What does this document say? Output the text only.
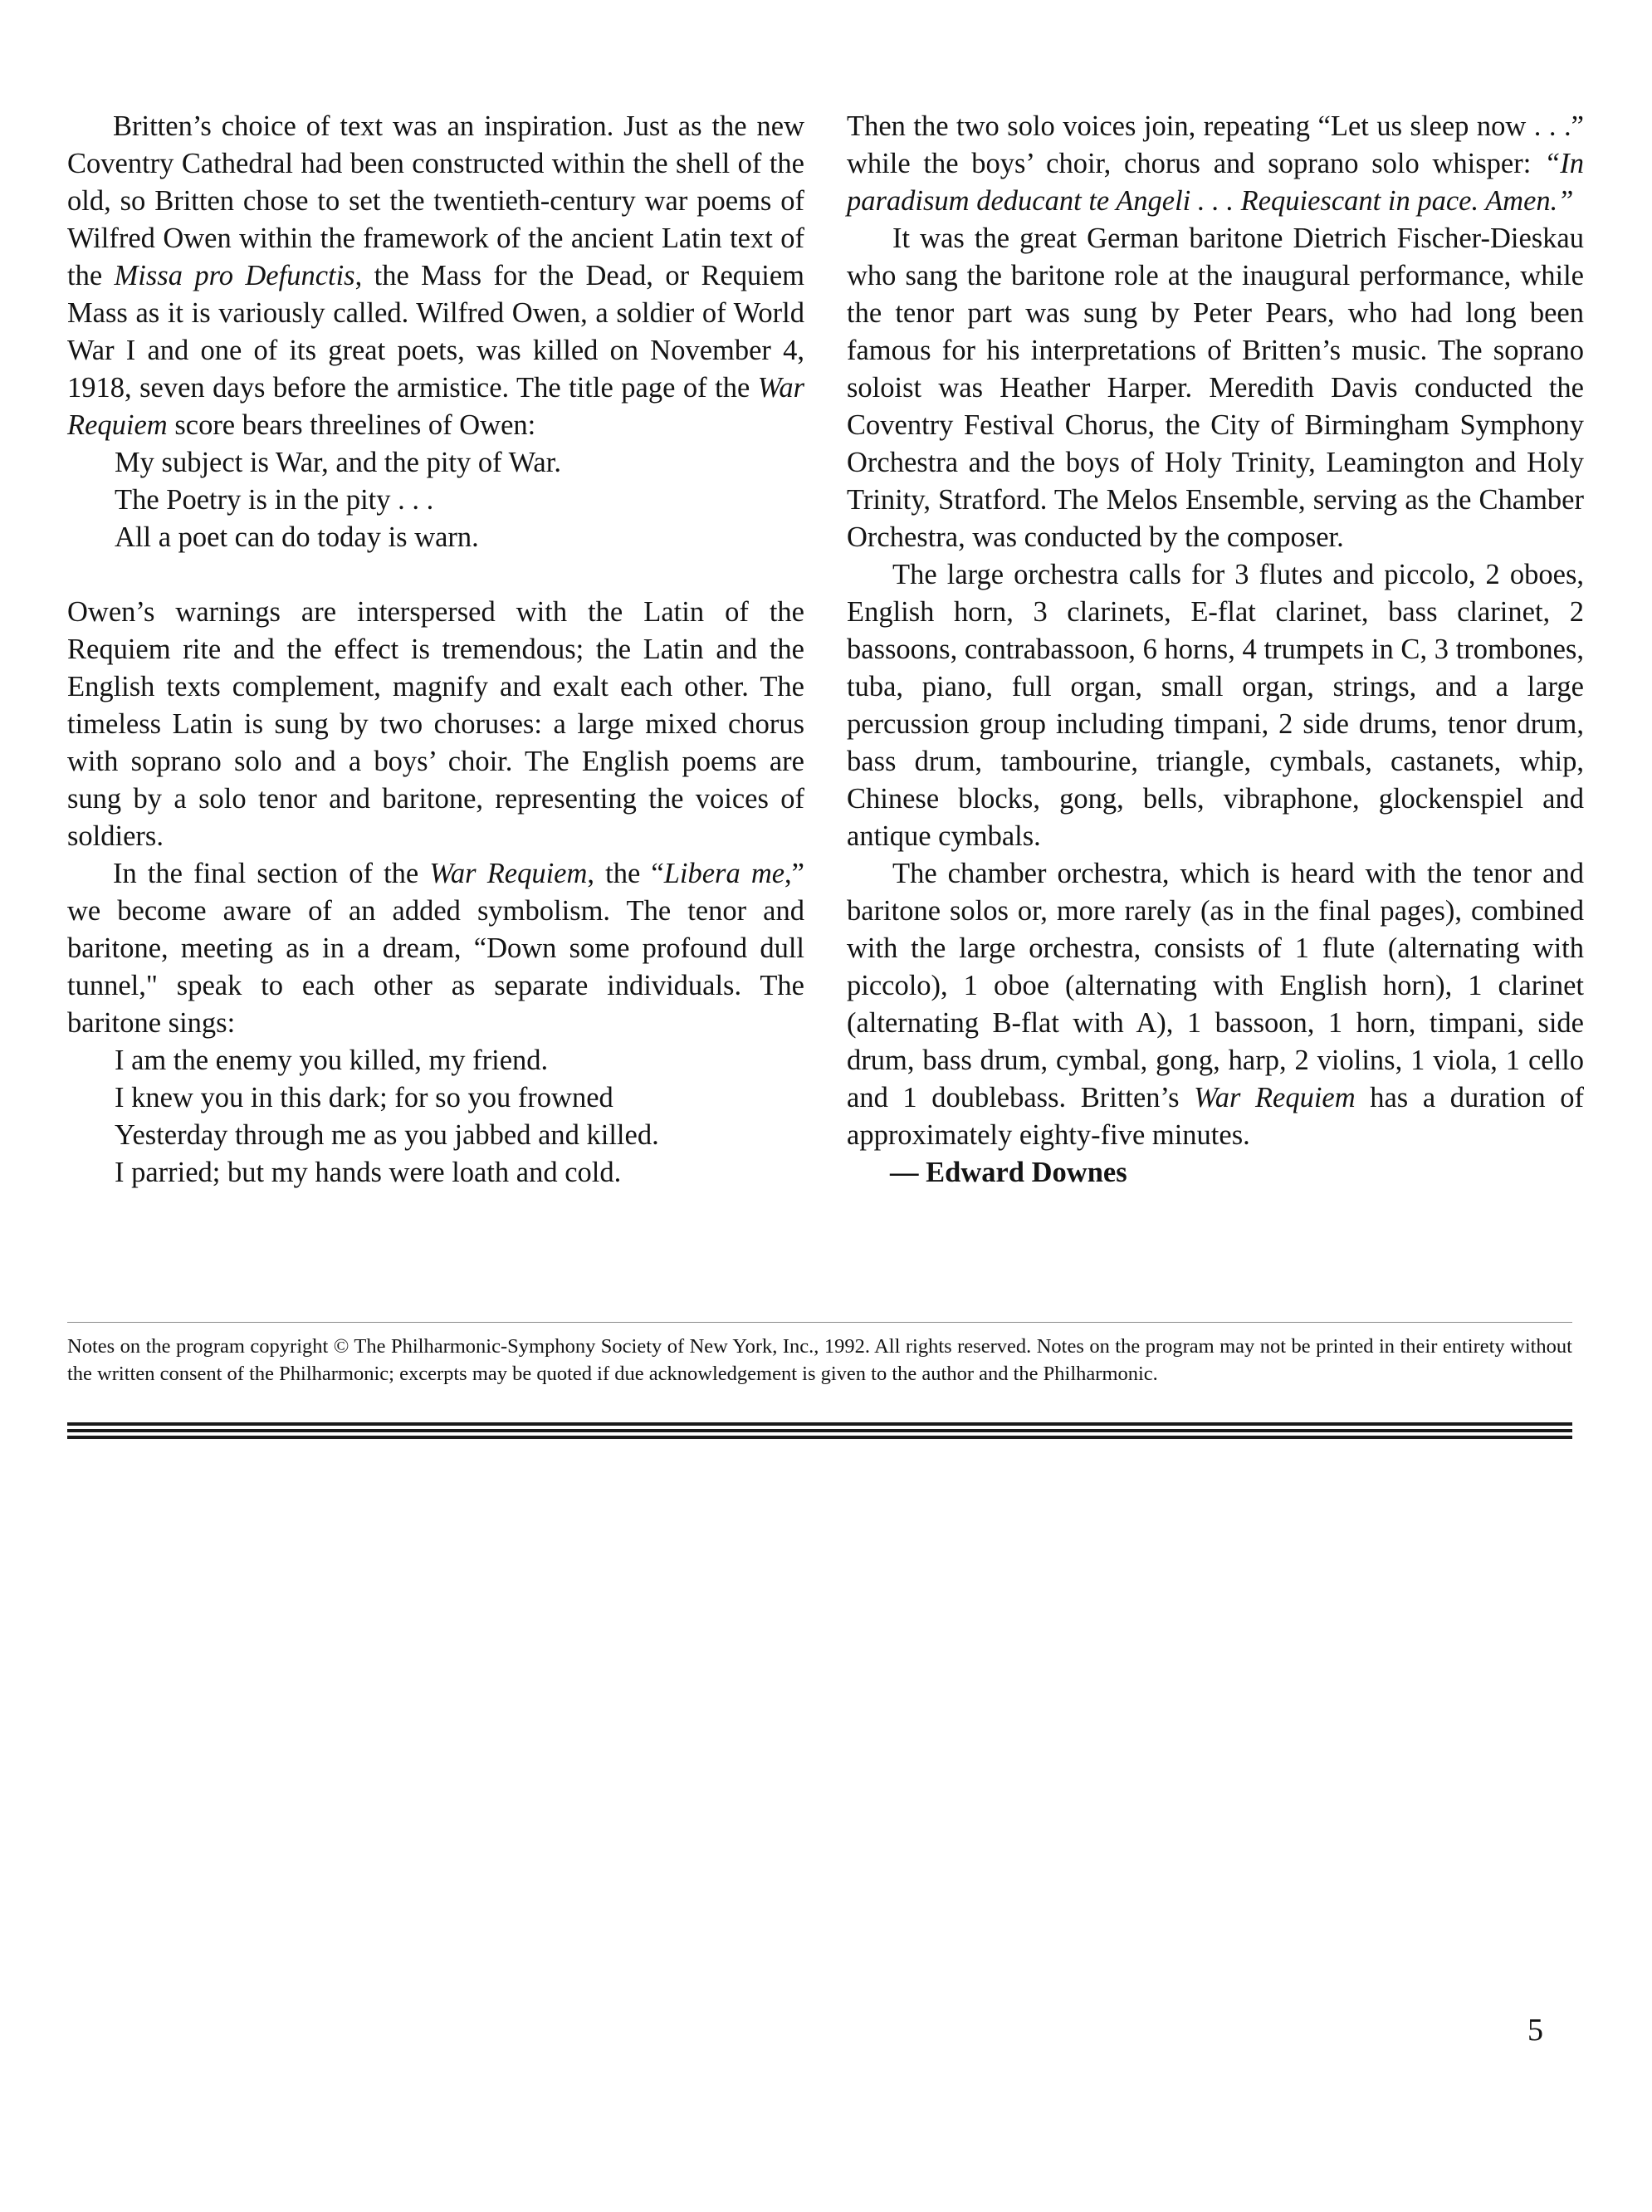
Britten’s choice of text was an inspiration. Just as the new Coventry Cathedral had been constructed within the shell of the old, so Britten chose to set the twentieth-century war poems of Wilfred Owen within the framework of the ancient Latin text of the Missa pro Defunctis, the Mass for the Dead, or Requiem Mass as it is variously called. Wilfred Owen, a soldier of World War I and one of its great poets, was killed on November 4, 1918, seven days before the armistice. The title page of the War Requiem score bears threelines of Owen:

My subject is War, and the pity of War.
The Poetry is in the pity . . .
All a poet can do today is warn.

Owen’s warnings are interspersed with the Latin of the Requiem rite and the effect is tremendous; the Latin and the English texts complement, magnify and exalt each other. The timeless Latin is sung by two choruses: a large mixed chorus with soprano solo and a boys’ choir. The English poems are sung by a solo tenor and baritone, representing the voices of soldiers.

In the final section of the War Requiem, the “Libera me,” we become aware of an added symbolism. The tenor and baritone, meeting as in a dream, “Down some profound dull tunnel," speak to each other as separate individuals. The baritone sings:

I am the enemy you killed, my friend.
I knew you in this dark; for so you frowned
Yesterday through me as you jabbed and killed.
I parried; but my hands were loath and cold.

Then the two solo voices join, repeating “Let us sleep now . . .” while the boys’ choir, chorus and soprano solo whisper: “In paradisum deducant te Angeli . . . Requiescant in pace. Amen.”

It was the great German baritone Dietrich Fischer-Dieskau who sang the baritone role at the inaugural performance, while the tenor part was sung by Peter Pears, who had long been famous for his interpretations of Britten’s music. The soprano soloist was Heather Harper. Meredith Davis conducted the Coventry Festival Chorus, the City of Birmingham Symphony Orchestra and the boys of Holy Trinity, Leamington and Holy Trinity, Stratford. The Melos Ensemble, serving as the Chamber Orchestra, was conducted by the composer.

The large orchestra calls for 3 flutes and piccolo, 2 oboes, English horn, 3 clarinets, E-flat clarinet, bass clarinet, 2 bassoons, contrabassoon, 6 horns, 4 trumpets in C, 3 trombones, tuba, piano, full organ, small organ, strings, and a large percussion group including timpani, 2 side drums, tenor drum, bass drum, tambourine, triangle, cymbals, castanets, whip, Chinese blocks, gong, bells, vibraphone, glockenspiel and antique cymbals.

The chamber orchestra, which is heard with the tenor and baritone solos or, more rarely (as in the final pages), combined with the large orchestra, consists of 1 flute (alternating with piccolo), 1 oboe (alternating with English horn), 1 clarinet (alternating B-flat with A), 1 bassoon, 1 horn, timpani, side drum, bass drum, cymbal, gong, harp, 2 violins, 1 viola, 1 cello and 1 doublebass. Britten’s War Requiem has a duration of approximately eighty-five minutes.

— Edward Downes
Notes on the program copyright © The Philharmonic-Symphony Society of New York, Inc., 1992. All rights reserved. Notes on the program may not be printed in their entirety without the written consent of the Philharmonic; excerpts may be quoted if due acknowledgement is given to the author and the Philharmonic.
5
